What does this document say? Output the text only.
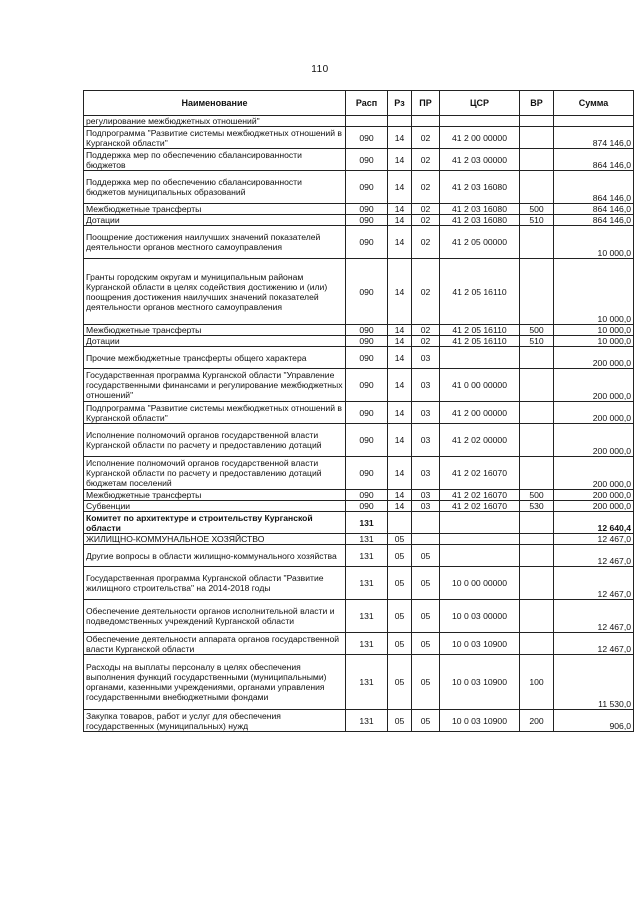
110
Наименование	Расп	Рз	ПР	ЦСР	ВР	Сумма
регулирование межбюджетных отношений"						
Подпрограмма "Развитие системы межбюджетных отношений в Курганской области"	090	14	02	41 2 00 00000		874 146,0
Поддержка мер по обеспечению сбалансированности бюджетов	090	14	02	41 2 03 00000		864 146,0
Поддержка мер по обеспечению сбалансированности бюджетов муниципальных образований	090	14	02	41 2 03 16080		864 146,0
Межбюджетные трансферты	090	14	02	41 2 03 16080	500	864 146,0
Дотации	090	14	02	41 2 03 16080	510	864 146,0
Поощрение достижения наилучших значений показателей деятельности органов местного самоуправления	090	14	02	41 2 05 00000		10 000,0
Гранты городским округам и муниципальным районам Курганской области в целях содействия достижению и (или) поощрения достижения наилучших значений показателей деятельности органов местного самоуправления	090	14	02	41 2 05 16110		10 000,0
Межбюджетные трансферты	090	14	02	41 2 05 16110	500	10 000,0
Дотации	090	14	02	41 2 05 16110	510	10 000,0
Прочие межбюджетные трансферты общего характера	090	14	03			200 000,0
Государственная программа Курганской области "Управление государственными финансами и регулирование межбюджетных отношений"	090	14	03	41 0 00 00000		200 000,0
Подпрограмма "Развитие системы межбюджетных отношений в Курганской области"	090	14	03	41 2 00 00000		200 000,0
Исполнение полномочий органов государственной власти Курганской области по расчету и предоставлению дотаций	090	14	03	41 2 02 00000		200 000,0
Исполнение полномочий органов государственной власти Курганской области по расчету и предоставлению дотаций бюджетам поселений	090	14	03	41 2 02 16070		200 000,0
Межбюджетные трансферты	090	14	03	41 2 02 16070	500	200 000,0
Субвенции	090	14	03	41 2 02 16070	530	200 000,0
Комитет по архитектуре и строительству Курганской области	131					12 640,4
ЖИЛИЩНО-КОММУНАЛЬНОЕ ХОЗЯЙСТВО	131	05				12 467,0
Другие вопросы в области жилищно-коммунального хозяйства	131	05	05			12 467,0
Государственная программа Курганской области "Развитие жилищного строительства" на 2014-2018 годы	131	05	05	10 0 00 00000		12 467,0
Обеспечение деятельности органов исполнительной власти и подведомственных учреждений Курганской области	131	05	05	10 0 03 00000		12 467,0
Обеспечение деятельности аппарата органов государственной власти Курганской области	131	05	05	10 0 03 10900		12 467,0
Расходы на выплаты персоналу в целях обеспечения выполнения функций государственными (муниципальными) органами, казенными учреждениями, органами управления государственными внебюджетными фондами	131	05	05	10 0 03 10900	100	11 530,0
Закупка товаров, работ и услуг для обеспечения государственных (муниципальных) нужд	131	05	05	10 0 03 10900	200	906,0
